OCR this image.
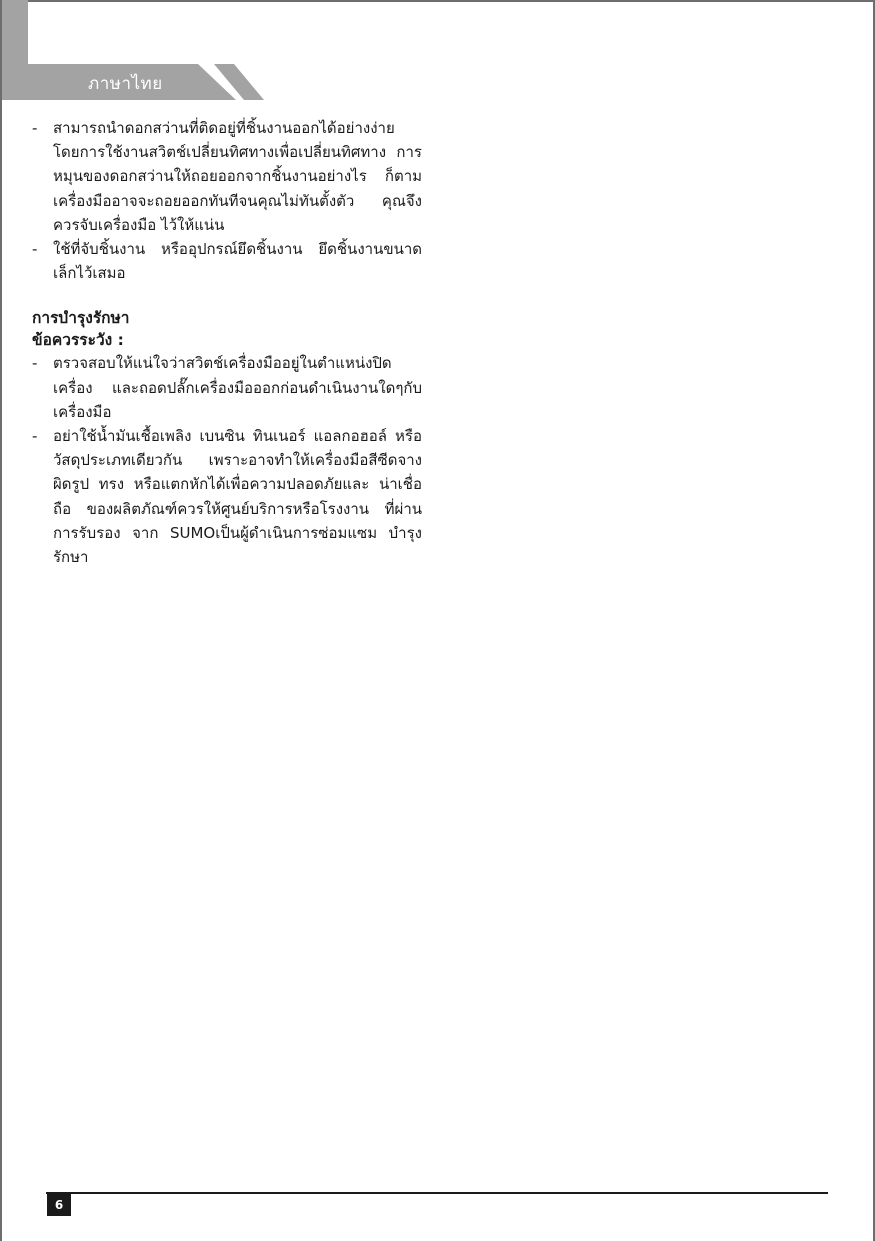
ภาษาไทย
- สามารถนำดอกสว่านที่ติดอยู่ที่ชิ้นงานออกได้อย่างง่าย โดยการใช้งานสวิตช์เปลี่ยนทิศทางเพื่อเปลี่ยนทิศทาง การหมุนของดอกสว่านให้ถอยออกจากชิ้นงานอย่างไร ก็ตามเครื่องมืออาจจะถอยออกทันทีจนคุณไม่ทันตั้งตัว คุณจึงควรจับเครื่องมือ ไว้ให้แน่น
- ใช้ที่จับชิ้นงาน หรืออุปกรณ์ยึดชิ้นงาน ยึดชิ้นงานขนาด เล็กไว้เสมอ

การบำรุงรักษา

ข้อควรระวัง :

- ตรวจสอบให้แน่ใจว่าสวิตช์เครื่องมืออยู่ในตำแหน่งปิด เครื่อง และถอดปลั๊กเครื่องมือออกก่อนดำเนินงานใดๆกับ เครื่องมือ
- อย่าใช้น้ำมันเชื้อเพลิง เบนซิน ทินเนอร์ แอลกอฮอล์ หรือ วัสดุประเภทเดียวกัน เพราะอาจทำให้เครื่องมือสีซีดจาง ผิดรูป ทรง หรือแตกหักได้เพื่อความปลอดภัยและ น่าเชื่อถือ ของผลิตภัณฑ์ควรให้ศูนย์บริการหรือโรงงาน ที่ผ่านการรับรอง จาก SUMOเป็นผู้ดำเนินการซ่อมแซม บำรุงรักษา
6
